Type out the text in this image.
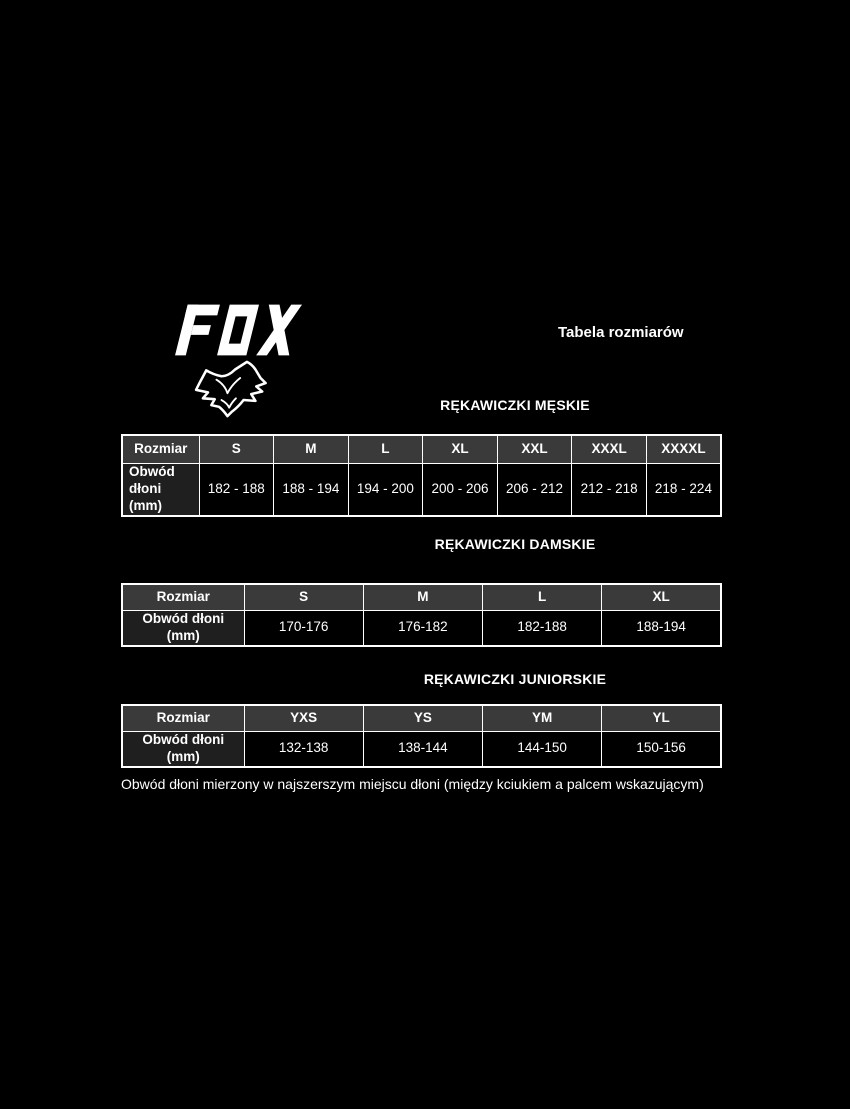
Tabela rozmiarów
RĘKAWICZKI MĘSKIE
Rozmiar	S	M	L	XL	XXL	XXXL	XXXXL
Obwód dłoni (mm)	182 - 188	188 - 194	194 - 200	200 - 206	206 - 212	212 - 218	218 - 224
RĘKAWICZKI DAMSKIE
Rozmiar	S	M	L	XL
Obwód dłoni (mm)	170-176	176-182	182-188	188-194
RĘKAWICZKI JUNIORSKIE
Rozmiar	YXS	YS	YM	YL
Obwód dłoni (mm)	132-138	138-144	144-150	150-156
Obwód dłoni mierzony w najszerszym miejscu dłoni (między kciukiem a palcem wskazującym)
